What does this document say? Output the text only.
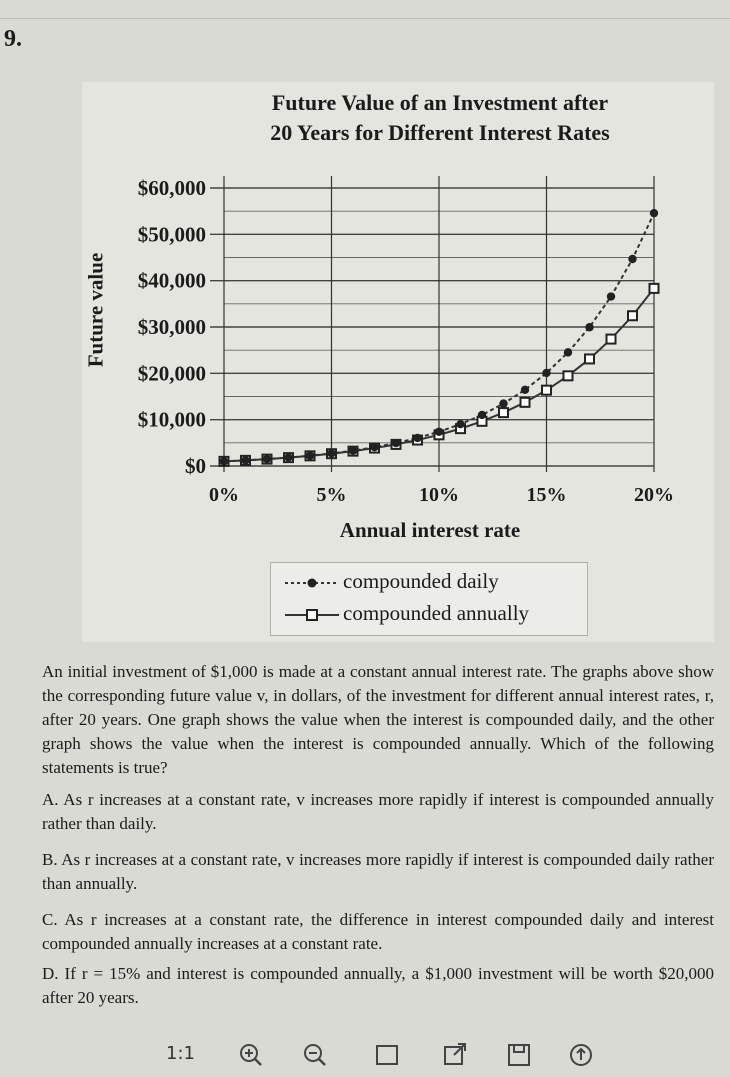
9.
$0
$10,000
$20,000
$30,000
$40,000
$50,000
$60,000
0%	5%	10%	15%	20%
Future Value of an Investment after
20 Years for Different Interest Rates
Future value
Annual interest rate
compounded daily
compounded annually

An initial investment of $1,000 is made at a constant annual interest rate. The graphs above show the corresponding future value v, in dollars, of the investment for different annual interest rates, r, after 20 years. One graph shows the value when the interest is compounded daily, and the other graph shows the value when the interest is compounded annually. Which of the following statements is true?

A. As r increases at a constant rate, v increases more rapidly if interest is compounded annually rather than daily.
B. As r increases at a constant rate, v increases more rapidly if interest is compounded daily rather than annually.
C. As r increases at a constant rate, the difference in interest compounded daily and interest compounded annually increases at a constant rate.
D. If r = 15% and interest is compounded annually, a $1,000 investment will be worth $20,000 after 20 years.
1:1
